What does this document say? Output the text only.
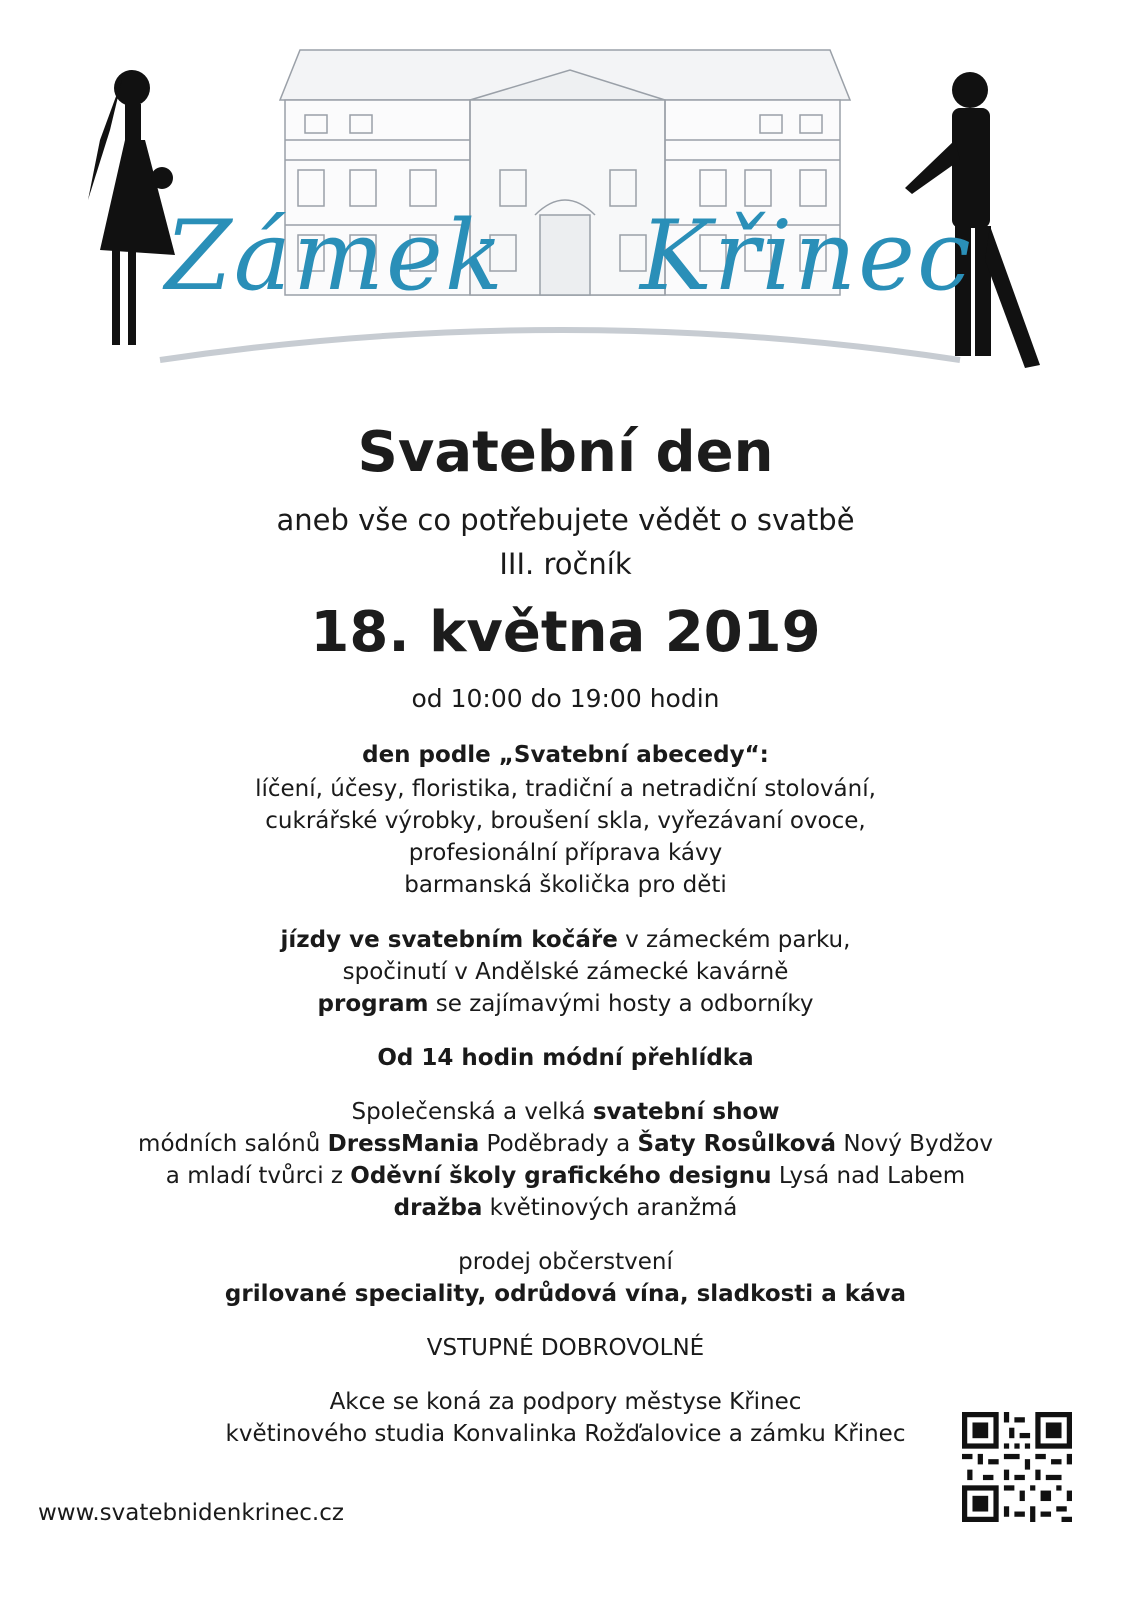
Zámek Křinec
Svatební den
aneb vše co potřebujete vědět o svatbě
III. ročník
18. května 2019
od 10:00 do 19:00 hodin
den podle „Svatební abecedy“:
líčení, účesy, floristika, tradiční a netradiční stolování,
cukrářské výrobky, broušení skla, vyřezávaní ovoce,
profesionální příprava kávy
barmanská školička pro děti
jízdy ve svatebním kočáře v zámeckém parku,
spočinutí v Andělské zámecké kavárně
program se zajímavými hosty a odborníky
Od 14 hodin módní přehlídka
Společenská a velká svatební show
módních salónů DressMania Poděbrady a Šaty Rosůlková Nový Bydžov
a mladí tvůrci z Oděvní školy grafického designu Lysá nad Labem
dražba květinových aranžmá
prodej občerstvení
grilované speciality, odrůdová vína, sladkosti a káva
VSTUPNÉ DOBROVOLNÉ
Akce se koná za podpory městyse Křinec
květinového studia Konvalinka Rožďalovice a zámku Křinec
www.svatebnidenkrinec.cz
